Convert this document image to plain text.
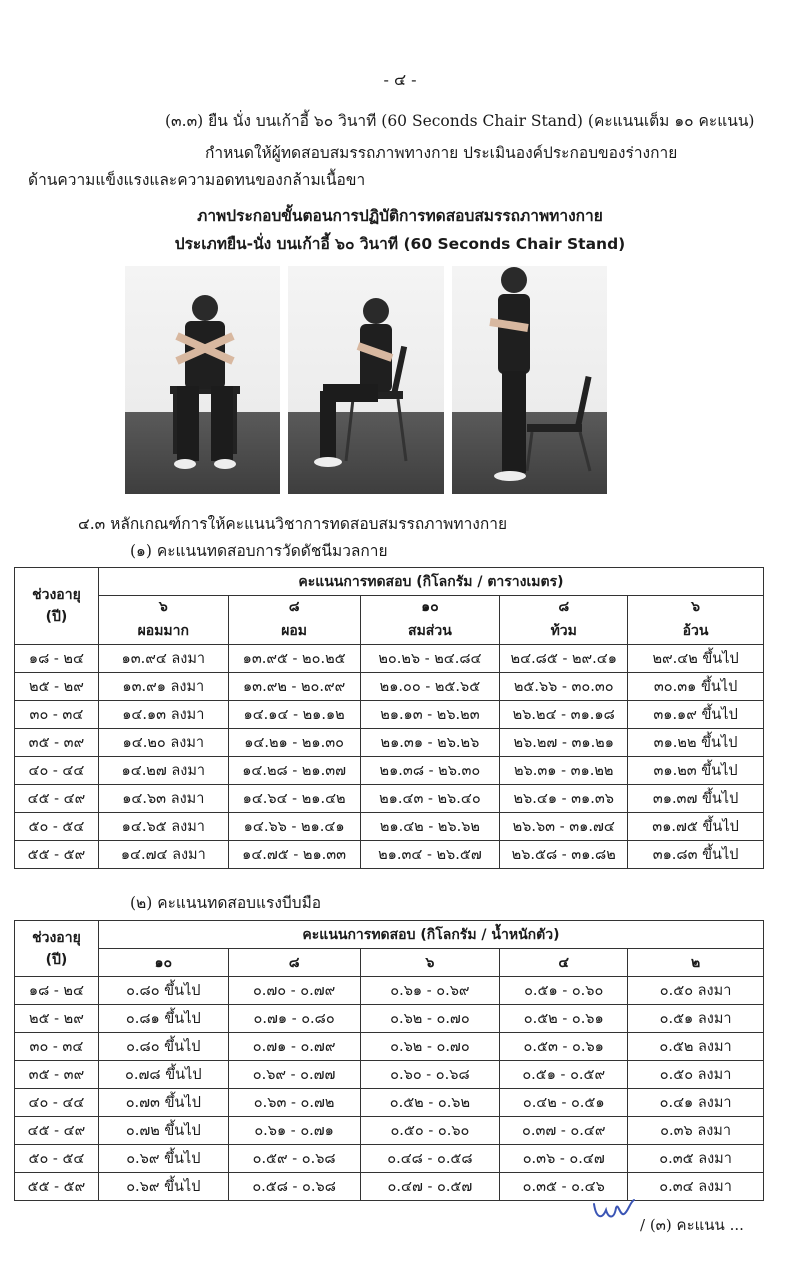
- ๔ -
(๓.๓) ยืน นั่ง บนเก้าอี้ ๖๐ วินาที (60 Seconds Chair Stand) (คะแนนเต็ม ๑๐ คะแนน)
กำหนดให้ผู้ทดสอบสมรรถภาพทางกาย ประเมินองค์ประกอบของร่างกาย
ด้านความแข็งแรงและความอดทนของกล้ามเนื้อขา
ภาพประกอบขั้นตอนการปฏิบัติการทดสอบสมรรถภาพทางกาย
ประเภทยืน-นั่ง บนเก้าอี้ ๖๐ วินาที (60 Seconds Chair Stand)
๔.๓ หลักเกณฑ์การให้คะแนนวิชาการทดสอบสมรรถภาพทางกาย
(๑) คะแนนทดสอบการวัดดัชนีมวลกาย
ช่วงอายุ
(ปี)	คะแนนการทดสอบ (กิโลกรัม / ตารางเมตร)				
	๖	๘	๑๐	๘	๖
	ผอมมาก	ผอม	สมส่วน	ท้วม	อ้วน
๑๘ - ๒๔	๑๓.๙๔ ลงมา	๑๓.๙๕ - ๒๐.๒๕	๒๐.๒๖ - ๒๔.๘๔	๒๔.๘๕ - ๒๙.๔๑	๒๙.๔๒ ขึ้นไป
๒๕ - ๒๙	๑๓.๙๑ ลงมา	๑๓.๙๒ - ๒๐.๙๙	๒๑.๐๐ - ๒๕.๖๕	๒๕.๖๖ - ๓๐.๓๐	๓๐.๓๑ ขึ้นไป
๓๐ - ๓๔	๑๔.๑๓ ลงมา	๑๔.๑๔ - ๒๑.๑๒	๒๑.๑๓ - ๒๖.๒๓	๒๖.๒๔ - ๓๑.๑๘	๓๑.๑๙ ขึ้นไป
๓๕ - ๓๙	๑๔.๒๐ ลงมา	๑๔.๒๑ - ๒๑.๓๐	๒๑.๓๑ - ๒๖.๒๖	๒๖.๒๗ - ๓๑.๒๑	๓๑.๒๒ ขึ้นไป
๔๐ - ๔๔	๑๔.๒๗ ลงมา	๑๔.๒๘ - ๒๑.๓๗	๒๑.๓๘ - ๒๖.๓๐	๒๖.๓๑ - ๓๑.๒๒	๓๑.๒๓ ขึ้นไป
๔๕ - ๔๙	๑๔.๖๓ ลงมา	๑๔.๖๔ - ๒๑.๔๒	๒๑.๔๓ - ๒๖.๔๐	๒๖.๔๑ - ๓๑.๓๖	๓๑.๓๗ ขึ้นไป
๕๐ - ๕๔	๑๔.๖๕ ลงมา	๑๔.๖๖ - ๒๑.๔๑	๒๑.๔๒ - ๒๖.๖๒	๒๖.๖๓ - ๓๑.๗๔	๓๑.๗๕ ขึ้นไป
๕๕ - ๕๙	๑๔.๗๔ ลงมา	๑๔.๗๕ - ๒๑.๓๓	๒๑.๓๔ - ๒๖.๕๗	๒๖.๕๘ - ๓๑.๘๒	๓๑.๘๓ ขึ้นไป
(๒) คะแนนทดสอบแรงบีบมือ
ช่วงอายุ
(ปี)	คะแนนการทดสอบ (กิโลกรัม / น้ำหนักตัว)				
	๑๐	๘	๖	๔	๒
๑๘ - ๒๔	๐.๘๐ ขึ้นไป	๐.๗๐ - ๐.๗๙	๐.๖๑ - ๐.๖๙	๐.๕๑ - ๐.๖๐	๐.๕๐ ลงมา
๒๕ - ๒๙	๐.๘๑ ขึ้นไป	๐.๗๑ - ๐.๘๐	๐.๖๒ - ๐.๗๐	๐.๕๒ - ๐.๖๑	๐.๕๑ ลงมา
๓๐ - ๓๔	๐.๘๐ ขึ้นไป	๐.๗๑ - ๐.๗๙	๐.๖๒ - ๐.๗๐	๐.๕๓ - ๐.๖๑	๐.๕๒ ลงมา
๓๕ - ๓๙	๐.๗๘ ขึ้นไป	๐.๖๙ - ๐.๗๗	๐.๖๐ - ๐.๖๘	๐.๕๑ - ๐.๕๙	๐.๕๐ ลงมา
๔๐ - ๔๔	๐.๗๓ ขึ้นไป	๐.๖๓ - ๐.๗๒	๐.๕๒ - ๐.๖๒	๐.๔๒ - ๐.๕๑	๐.๔๑ ลงมา
๔๕ - ๔๙	๐.๗๒ ขึ้นไป	๐.๖๑ - ๐.๗๑	๐.๕๐ - ๐.๖๐	๐.๓๗ - ๐.๔๙	๐.๓๖ ลงมา
๕๐ - ๕๔	๐.๖๙ ขึ้นไป	๐.๕๙ - ๐.๖๘	๐.๔๘ - ๐.๕๘	๐.๓๖ - ๐.๔๗	๐.๓๕ ลงมา
๕๕ - ๕๙	๐.๖๙ ขึ้นไป	๐.๕๘ - ๐.๖๘	๐.๔๗ - ๐.๕๗	๐.๓๕ - ๐.๔๖	๐.๓๔ ลงมา
/ (๓) คะแนน ...
